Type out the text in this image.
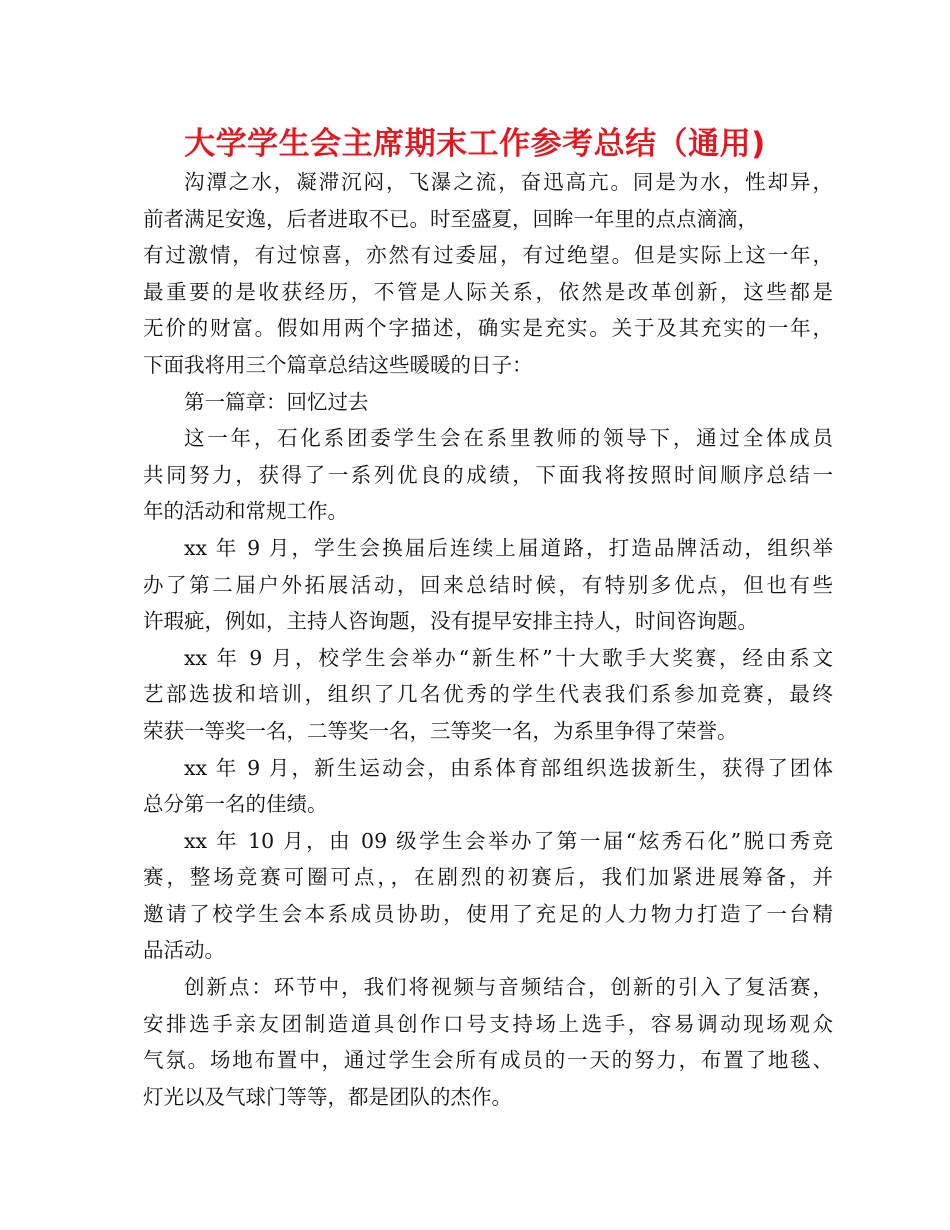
大学学生会主席期末工作参考总结（通用)
沟潭之水，凝滞沉闷，飞瀑之流，奋迅高亢。同是为水，性却异，
前者满足安逸，后者进取不已。时至盛夏，回眸一年里的点点滴滴，
有过激情，有过惊喜，亦然有过委屈，有过绝望。但是实际上这一年，
最重要的是收获经历，不管是人际关系，依然是改革创新，这些都是
无价的财富。假如用两个字描述，确实是充实。关于及其充实的一年，
下面我将用三个篇章总结这些暖暖的日子：
第一篇章：回忆过去
这一年，石化系团委学生会在系里教师的领导下，通过全体成员
共同努力，获得了一系列优良的成绩，下面我将按照时间顺序总结一
年的活动和常规工作。
xx 年 9 月，学生会换届后连续上届道路，打造品牌活动，组织举
办了第二届户外拓展活动，回来总结时候，有特别多优点，但也有些
许瑕疵，例如，主持人咨询题，没有提早安排主持人，时间咨询题。
xx 年 9 月，校学生会举办“新生杯”十大歌手大奖赛，经由系文
艺部选拔和培训，组织了几名优秀的学生代表我们系参加竞赛，最终
荣获一等奖一名，二等奖一名，三等奖一名，为系里争得了荣誉。
xx 年 9 月，新生运动会，由系体育部组织选拔新生，获得了团体
总分第一名的佳绩。
xx 年 10 月，由 09 级学生会举办了第一届“炫秀石化”脱口秀竞
赛，整场竞赛可圈可点，，在剧烈的初赛后，我们加紧进展筹备，并
邀请了校学生会本系成员协助，使用了充足的人力物力打造了一台精
品活动。
创新点：环节中，我们将视频与音频结合，创新的引入了复活赛，
安排选手亲友团制造道具创作口号支持场上选手，容易调动现场观众
气氛。场地布置中，通过学生会所有成员的一天的努力，布置了地毯、
灯光以及气球门等等，都是团队的杰作。
